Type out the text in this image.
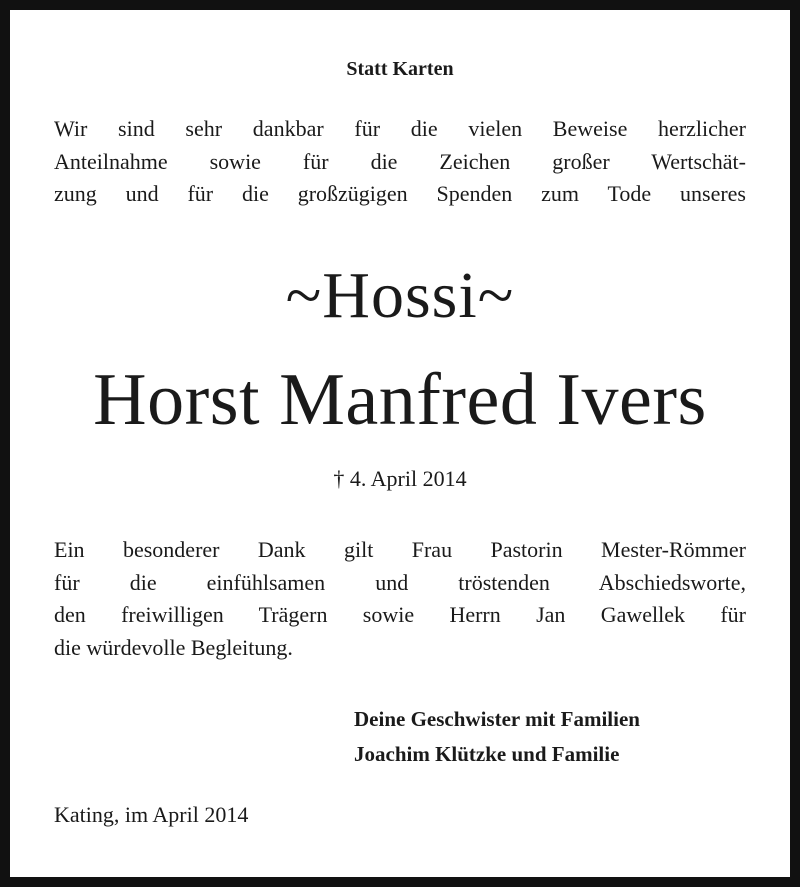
Statt Karten
Wir sind sehr dankbar für die vielen Beweise herzlicher
Anteilnahme sowie für die Zeichen großer Wertschät-
zung und für die großzügigen Spenden zum Tode unseres
~Hossi~
Horst Manfred Ivers
† 4. April 2014
Ein besonderer Dank gilt Frau Pastorin Mester-Römmer
für die einfühlsamen und tröstenden Abschiedsworte,
den freiwilligen Trägern sowie Herrn Jan Gawellek für
die würdevolle Begleitung.
Deine Geschwister mit Familien
Joachim Klützke und Familie
Kating, im April 2014
